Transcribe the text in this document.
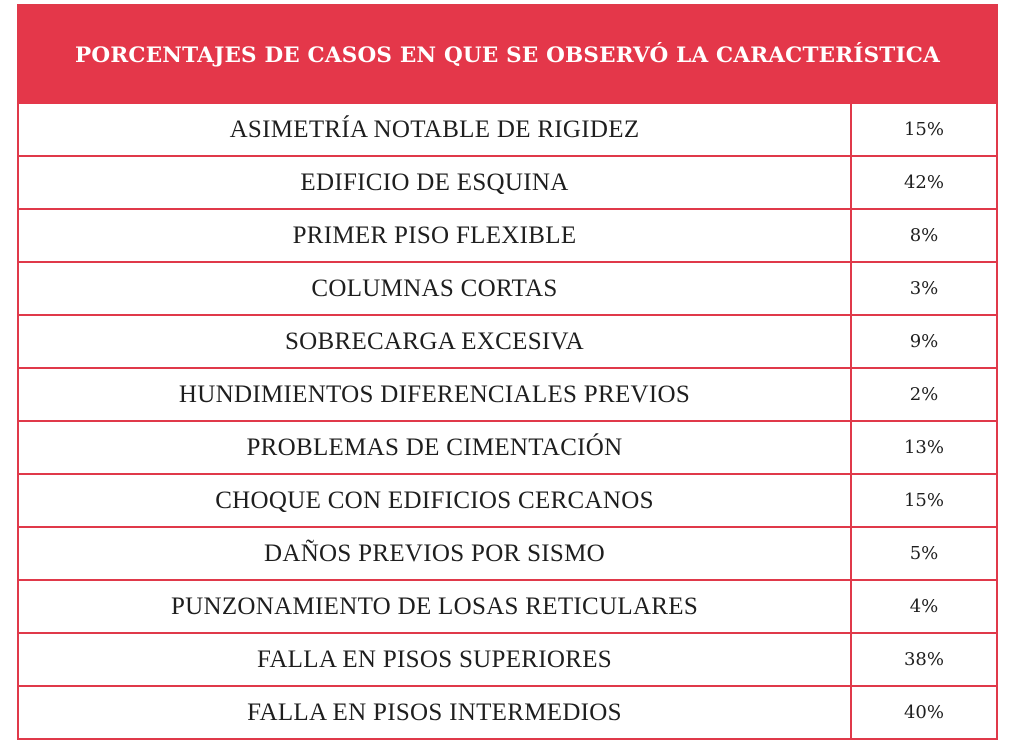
PORCENTAJES DE CASOS EN QUE SE OBSERVÓ LA CARACTERÍSTICA
ASIMETRÍA NOTABLE DE RIGIDEZ	15%
EDIFICIO DE ESQUINA	42%
PRIMER PISO FLEXIBLE	8%
COLUMNAS CORTAS	3%
SOBRECARGA EXCESIVA	9%
HUNDIMIENTOS DIFERENCIALES PREVIOS	2%
PROBLEMAS DE CIMENTACIÓN	13%
CHOQUE CON EDIFICIOS CERCANOS	15%
DAÑOS PREVIOS POR SISMO	5%
PUNZONAMIENTO DE LOSAS RETICULARES	4%
FALLA EN PISOS SUPERIORES	38%
FALLA EN PISOS INTERMEDIOS	40%
